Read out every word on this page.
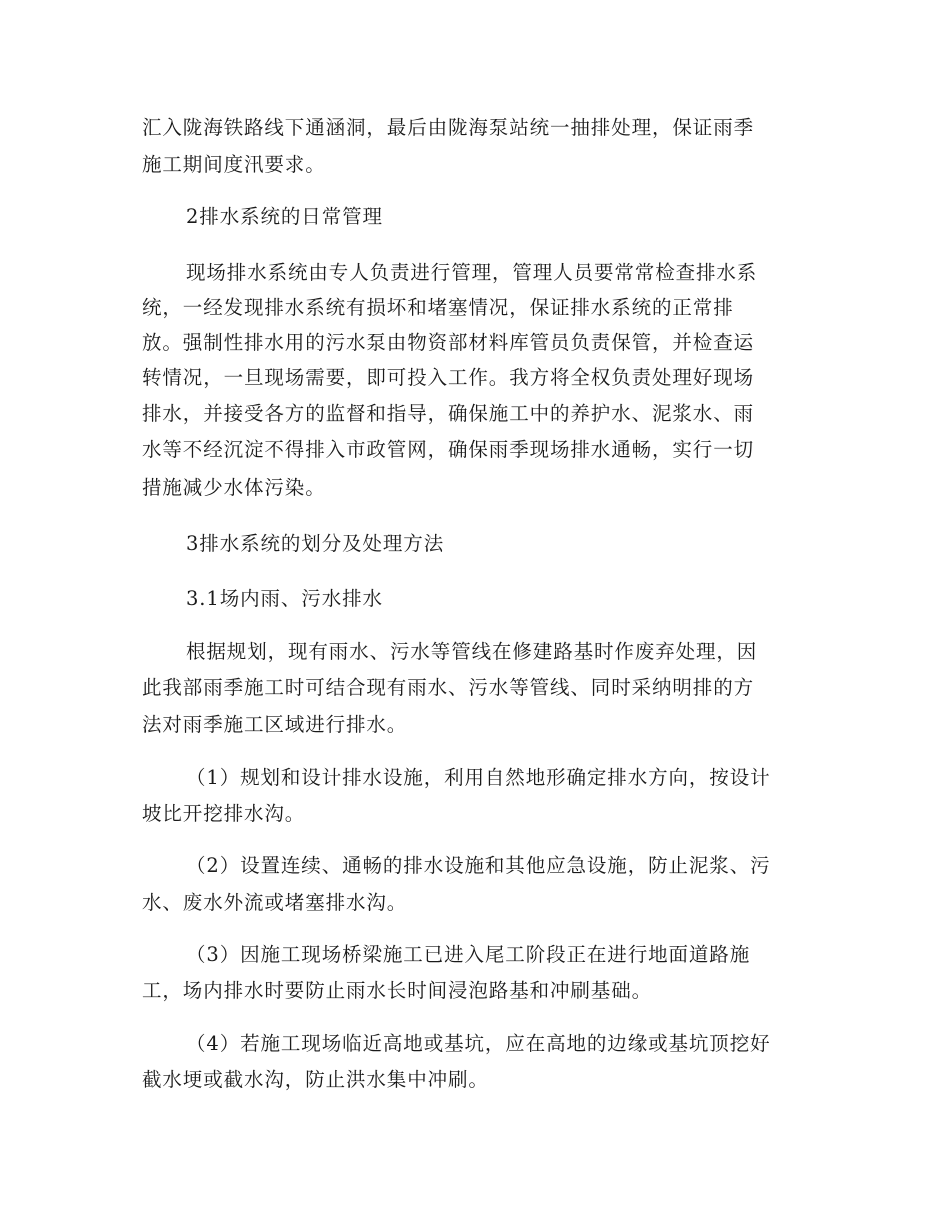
汇入陇海铁路线下通涵洞，最后由陇海泵站统一抽排处理，保证雨季
施工期间度汛要求。
2排水系统的日常管理
现场排水系统由专人负责进行管理，管理人员要常常检查排水系
统，一经发现排水系统有损坏和堵塞情况，保证排水系统的正常排
放。强制性排水用的污水泵由物资部材料库管员负责保管，并检查运
转情况，一旦现场需要，即可投入工作。我方将全权负责处理好现场
排水，并接受各方的监督和指导，确保施工中的养护水、泥浆水、雨
水等不经沉淀不得排入市政管网，确保雨季现场排水通畅，实行一切
措施减少水体污染。
3排水系统的划分及处理方法
3.1场内雨、污水排水
根据规划，现有雨水、污水等管线在修建路基时作废弃处理，因
此我部雨季施工时可结合现有雨水、污水等管线、同时采纳明排的方
法对雨季施工区域进行排水。
（1）规划和设计排水设施，利用自然地形确定排水方向，按设计
坡比开挖排水沟。
（2）设置连续、通畅的排水设施和其他应急设施，防止泥浆、污
水、废水外流或堵塞排水沟。
（3）因施工现场桥梁施工已进入尾工阶段正在进行地面道路施
工，场内排水时要防止雨水长时间浸泡路基和冲刷基础。
（4）若施工现场临近高地或基坑，应在高地的边缘或基坑顶挖好
截水埂或截水沟，防止洪水集中冲刷。
